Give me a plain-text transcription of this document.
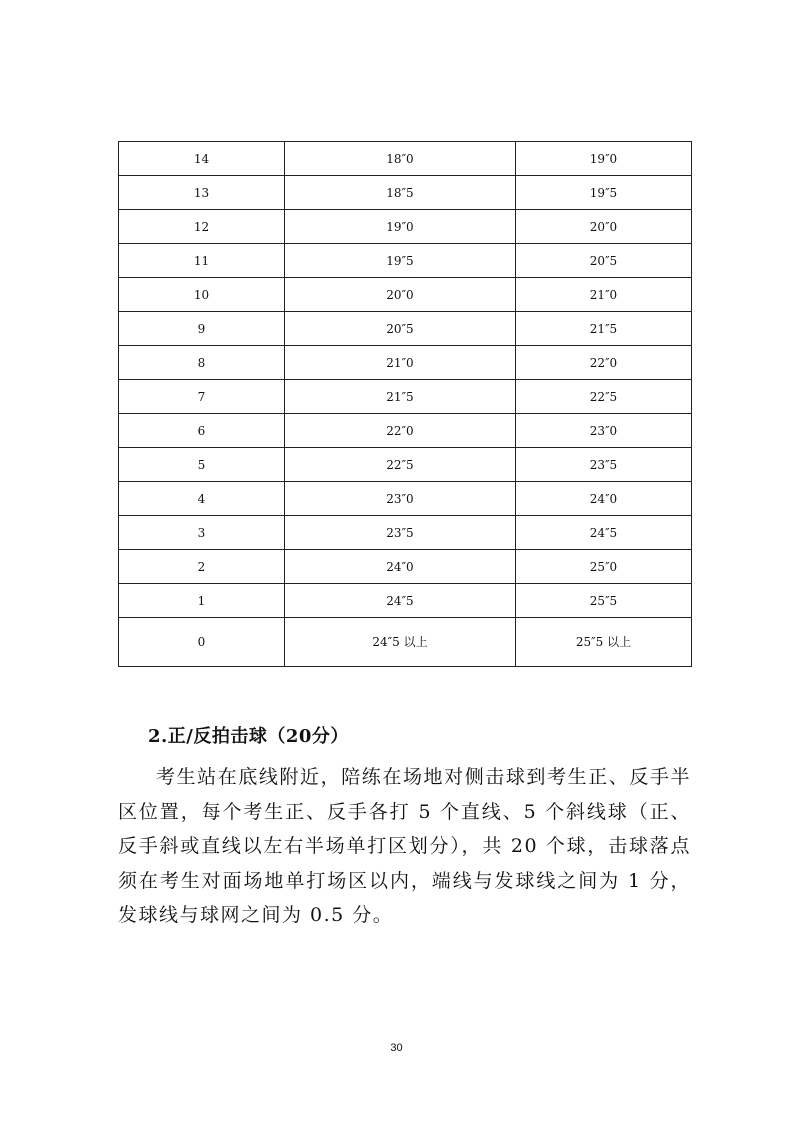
14	18″0	19″0
13	18″5	19″5
12	19″0	20″0
11	19″5	20″5
10	20″0	21″0
9	20″5	21″5
8	21″0	22″0
7	21″5	22″5
6	22″0	23″0
5	22″5	23″5
4	23″0	24″0
3	23″5	24″5
2	24″0	25″0
1	24″5	25″5
0	24″5 以上	25″5 以上
2.正/反拍击球（20分）

考生站在底线附近，陪练在场地对侧击球到考生正、反手半区位置，每个考生正、反手各打 5 个直线、5 个斜线球（正、反手斜或直线以左右半场单打区划分），共 20 个球，击球落点须在考生对面场地单打场区以内，端线与发球线之间为 1 分，发球线与球网之间为 0.5 分。

30
